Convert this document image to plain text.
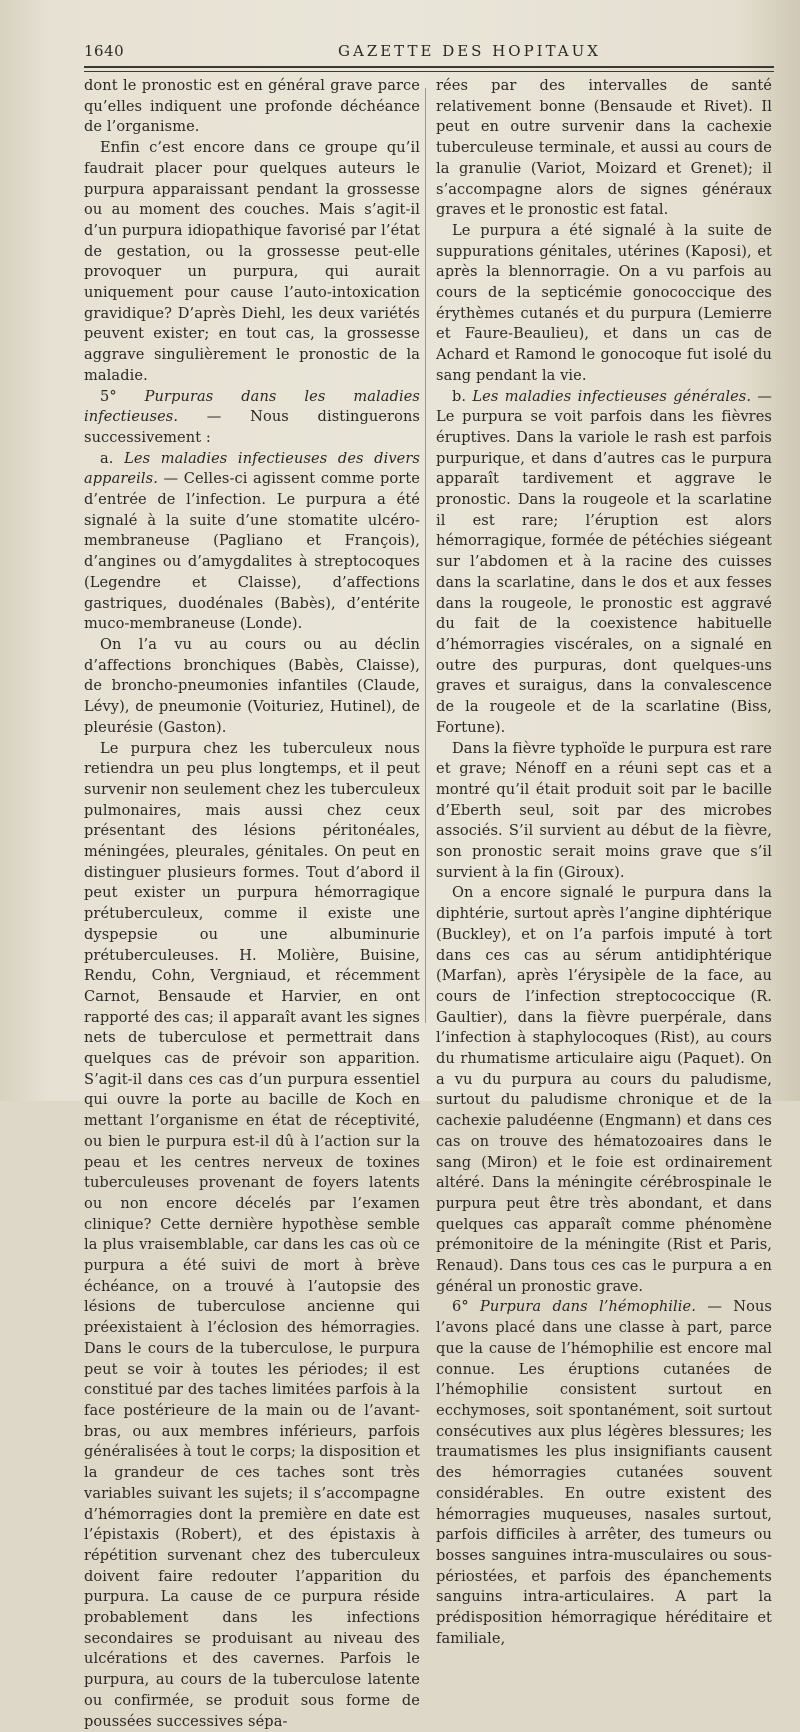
1640	GAZETTE DES HOPITAUX

dont le pronostic est en général grave parce qu’elles indiquent une profonde déchéance de l’organisme.

Enfin c’est encore dans ce groupe qu’il faudrait placer pour quelques auteurs le purpura apparaissant pendant la grossesse ou au moment des couches. Mais s’agit-il d’un purpura idiopathique favorisé par l’état de gestation, ou la grossesse peut-elle provoquer un purpura, qui aurait uniquement pour cause l’auto-intoxication gravidique? D’après Diehl, les deux variétés peuvent exister; en tout cas, la grossesse aggrave singulièrement le pronostic de la maladie.

5° Purpuras dans les maladies infectieuses. — Nous distinguerons successivement :

a. Les maladies infectieuses des divers appareils. — Celles-ci agissent comme porte d’entrée de l’infection. Le purpura a été signalé à la suite d’une stomatite ulcéro-membraneuse (Pagliano et François), d’angines ou d’amygdalites à streptocoques (Legendre et Claisse), d’affections gastriques, duodénales (Babès), d’entérite muco-membraneuse (Londe).

On l’a vu au cours ou au déclin d’affections bronchiques (Babès, Claisse), de broncho-pneumonies infantiles (Claude, Lévy), de pneumonie (Voituriez, Hutinel), de pleurésie (Gaston).

Le purpura chez les tuberculeux nous retiendra un peu plus longtemps, et il peut survenir non seulement chez les tuberculeux pulmonaires, mais aussi chez ceux présentant des lésions péritonéales, méningées, pleurales, génitales. On peut en distinguer plusieurs formes. Tout d’abord il peut exister un purpura hémorragique prétuberculeux, comme il existe une dyspepsie ou une albuminurie prétuberculeuses. H. Molière, Buisine, Rendu, Cohn, Vergniaud, et récemment Carnot, Bensaude et Harvier, en ont rapporté des cas; il apparaît avant les signes nets de tuberculose et permettrait dans quelques cas de prévoir son apparition. S’agit-il dans ces cas d’un purpura essentiel qui ouvre la porte au bacille de Koch en mettant l’organisme en état de réceptivité, ou bien le purpura est-il dû à l’action sur la peau et les centres nerveux de toxines tuberculeuses provenant de foyers latents ou non encore décelés par l’examen clinique? Cette dernière hypothèse semble la plus vraisemblable, car dans les cas où ce purpura a été suivi de mort à brève échéance, on a trouvé à l’autopsie des lésions de tuberculose ancienne qui préexistaient à l’éclosion des hémorragies. Dans le cours de la tuberculose, le purpura peut se voir à toutes les périodes; il est constitué par des taches limitées parfois à la face postérieure de la main ou de l’avant-bras, ou aux membres inférieurs, parfois généralisées à tout le corps; la disposition et la grandeur de ces taches sont très variables suivant les sujets; il s’accompagne d’hémorragies dont la première en date est l’épistaxis (Robert), et des épistaxis à répétition survenant chez des tuberculeux doivent faire redouter l’apparition du purpura. La cause de ce purpura réside probablement dans les infections secondaires se produisant au niveau des ulcérations et des cavernes. Parfois le purpura, au cours de la tuberculose latente ou confirmée, se produit sous forme de poussées successives sépa-

rées par des intervalles de santé relativement bonne (Bensaude et Rivet). Il peut en outre survenir dans la cachexie tuberculeuse terminale, et aussi au cours de la granulie (Variot, Moizard et Grenet); il s’accompagne alors de signes généraux graves et le pronostic est fatal.

Le purpura a été signalé à la suite de suppurations génitales, utérines (Kaposi), et après la blennorragie. On a vu parfois au cours de la septicémie gonococcique des érythèmes cutanés et du purpura (Lemierre et Faure-Beaulieu), et dans un cas de Achard et Ramond le gonocoque fut isolé du sang pendant la vie.

b. Les maladies infectieuses générales. — Le purpura se voit parfois dans les fièvres éruptives. Dans la variole le rash est parfois purpurique, et dans d’autres cas le purpura apparaît tardivement et aggrave le pronostic. Dans la rougeole et la scarlatine il est rare; l’éruption est alors hémorragique, formée de pétéchies siégeant sur l’abdomen et à la racine des cuisses dans la scarlatine, dans le dos et aux fesses dans la rougeole, le pronostic est aggravé du fait de la coexistence habituelle d’hémorragies viscérales, on a signalé en outre des purpuras, dont quelques-uns graves et suraigus, dans la convalescence de la rougeole et de la scarlatine (Biss, Fortune).

Dans la fièvre typhoïde le purpura est rare et grave; Nénoff en a réuni sept cas et a montré qu’il était produit soit par le bacille d’Eberth seul, soit par des microbes associés. S’il survient au début de la fièvre, son pronostic serait moins grave que s’il survient à la fin (Giroux).

On a encore signalé le purpura dans la diphtérie, surtout après l’angine diphtérique (Buckley), et on l’a parfois imputé à tort dans ces cas au sérum antidiphtérique (Marfan), après l’érysipèle de la face, au cours de l’infection streptococcique (R. Gaultier), dans la fièvre puerpérale, dans l’infection à staphylocoques (Rist), au cours du rhumatisme articulaire aigu (Paquet). On a vu du purpura au cours du paludisme, surtout du paludisme chronique et de la cachexie paludéenne (Engmann) et dans ces cas on trouve des hématozoaires dans le sang (Miron) et le foie est ordinairement altéré. Dans la méningite cérébrospinale le purpura peut être très abondant, et dans quelques cas apparaît comme phénomène prémonitoire de la méningite (Rist et Paris, Renaud). Dans tous ces cas le purpura a en général un pronostic grave.

6° Purpura dans l’hémophilie. — Nous l’avons placé dans une classe à part, parce que la cause de l’hémophilie est encore mal connue. Les éruptions cutanées de l’hémophilie consistent surtout en ecchymoses, soit spontanément, soit surtout consécutives aux plus légères blessures; les traumatismes les plus insignifiants causent des hémorragies cutanées souvent considérables. En outre existent des hémorragies muqueuses, nasales surtout, parfois difficiles à arrêter, des tumeurs ou bosses sanguines intra-musculaires ou sous-périostées, et parfois des épanchements sanguins intra-articulaires. A part la prédisposition hémorragique héréditaire et familiale,
